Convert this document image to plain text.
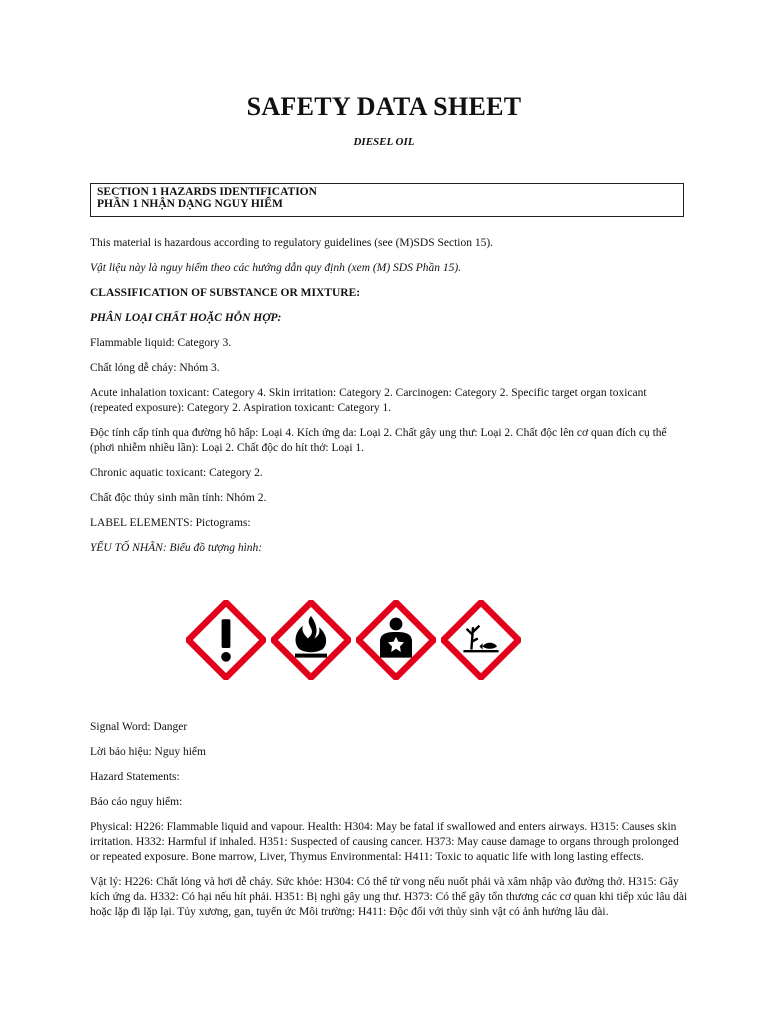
SAFETY DATA SHEET
DIESEL OIL
SECTION 1 HAZARDS IDENTIFICATION
PHẦN 1 NHẬN DẠNG NGUY HIỂM

This material is hazardous according to regulatory guidelines (see (M)SDS Section 15).

Vật liệu này là nguy hiểm theo các hướng dẫn quy định (xem (M) SDS Phần 15).

CLASSIFICATION OF SUBSTANCE OR MIXTURE:

PHÂN LOẠI CHẤT HOẶC HỖN HỢP:

Flammable liquid: Category 3.

Chất lỏng dễ cháy: Nhóm 3.

Acute inhalation toxicant: Category 4. Skin irritation: Category 2. Carcinogen: Category 2. Specific target organ toxicant (repeated exposure): Category 2. Aspiration toxicant: Category 1.

Độc tính cấp tính qua đường hô hấp: Loại 4. Kích ứng da: Loại 2. Chất gây ung thư: Loại 2. Chất độc lên cơ quan đích cụ thể (phơi nhiễm nhiều lần): Loại 2. Chất độc do hít thở: Loại 1.

Chronic aquatic toxicant: Category 2.

Chất độc thủy sinh mãn tính: Nhóm 2.

LABEL ELEMENTS: Pictograms:

YẾU TỐ NHÃN: Biểu đồ tượng hình:

Signal Word: Danger

Lời báo hiệu: Nguy hiểm

Hazard Statements:

Báo cáo nguy hiểm:

Physical: H226: Flammable liquid and vapour. Health: H304: May be fatal if swallowed and enters airways. H315: Causes skin irritation. H332: Harmful if inhaled. H351: Suspected of causing cancer. H373: May cause damage to organs through prolonged or repeated exposure. Bone marrow, Liver, Thymus Environmental: H411: Toxic to aquatic life with long lasting effects.

Vật lý: H226: Chất lỏng và hơi dễ cháy. Sức khỏe: H304: Có thể tử vong nếu nuốt phải và xâm nhập vào đường thở. H315: Gây kích ứng da. H332: Có hại nếu hít phải. H351: Bị nghi gây ung thư. H373: Có thể gây tổn thương các cơ quan khi tiếp xúc lâu dài hoặc lặp đi lặp lại. Tủy xương, gan, tuyến ức Môi trường: H411: Độc đối với thủy sinh vật có ảnh hưởng lâu dài.
